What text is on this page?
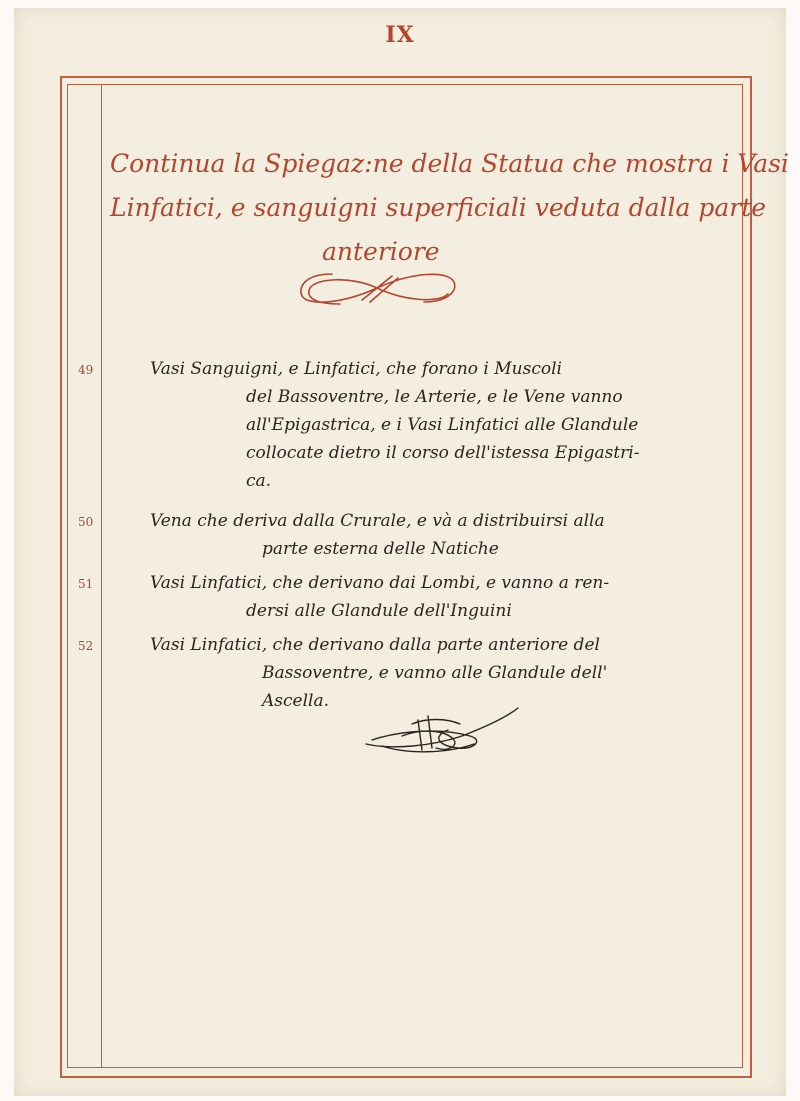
IX
Continua la Spiegaz:ne della Statua che mostra i Vasi
Linfatici, e sanguigni superficiali veduta dalla parte
anteriore
49	Vasi Sanguigni, e Linfatici, che forano i Muscoli
del Bassoventre, le Arterie, e le Vene vanno
all'Epigastrica, e i Vasi Linfatici alle Glandule
collocate dietro il corso dell'istessa Epigastri-
ca.
50	Vena che deriva dalla Crurale, e và a distribuirsi alla
parte esterna delle Natiche
51	Vasi Linfatici, che derivano dai Lombi, e vanno a ren-
dersi alle Glandule dell'Inguini
52	Vasi Linfatici, che derivano dalla parte anteriore del
Bassoventre, e vanno alle Glandule dell'
Ascella.
